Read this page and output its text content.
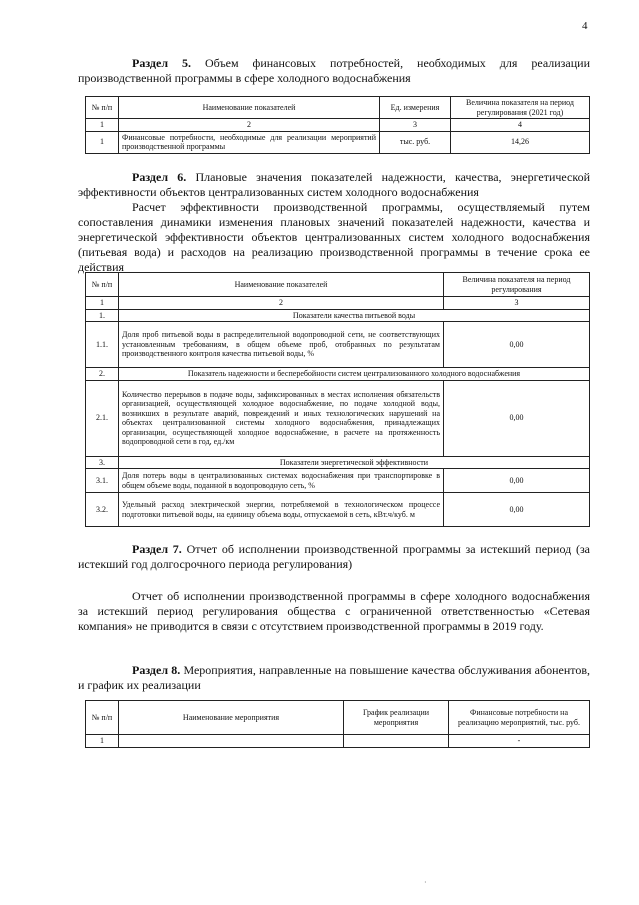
4
Раздел 5. Объем финансовых потребностей, необходимых для реализации производственной программы в сфере холодного водоснабжения
№ п/п	Наименование показателей	Ед. измерения	Величина показателя на период регулирования (2021 год)
1	2	3	4
1	Финансовые потребности, необходимые для реализации мероприятий производственной программы	тыс. руб.	14,26
Раздел 6. Плановые значения показателей надежности, качества, энергетической эффективности объектов централизованных систем холодного водоснабжения
Расчет эффективности производственной программы, осуществляемый путем сопоставления динамики изменения плановых значений показателей надежности, качества и энергетической эффективности объектов централизованных систем холодного водоснабжения (питьевая вода) и расходов на реализацию производственной программы в течение срока ее действия
№ п/п	Наименование показателей	Величина показателя на период регулирования
1	2	3
1.	Показатели качества питьевой воды	
1.1.	Доля проб питьевой воды в распределительной водопроводной сети, не соответствующих установленным требованиям, в общем объеме проб, отобранных по результатам производственного контроля качества питьевой воды, %	0,00
2.	Показатель надежности и бесперебойности систем централизованного холодного водоснабжения	
2.1.	Количество перерывов в подаче воды, зафиксированных в местах исполнения обязательств организацией, осуществляющей холодное водоснабжение, по подаче холодной воды, возникших в результате аварий, повреждений и иных технологических нарушений на объектах централизованной системы холодного водоснабжения, принадлежащих организации, осуществляющей холодное водоснабжение, в расчете на протяженность водопроводной сети в год, ед./км	0,00
3.	Показатели энергетической эффективности	
3.1.	Доля потерь воды в централизованных системах водоснабжения при транспортировке в общем объеме воды, поданной в водопроводную сеть, %	0,00
3.2.	Удельный расход электрической энергии, потребляемой в технологическом процессе подготовки питьевой воды, на единицу объема воды, отпускаемой в сеть, кВт.ч/куб. м	0,00
Раздел 7. Отчет об исполнении производственной программы за истекший период (за истекший год долгосрочного периода регулирования)
Отчет об исполнении производственной программы в сфере холодного водоснабжения за истекший период регулирования общества с ограниченной ответственностью «Сетевая компания» не приводится в связи с отсутствием производственной программы в 2019 году.
Раздел 8. Мероприятия, направленные на повышение качества обслуживания абонентов, и график их реализации
№ п/п	Наименование мероприятия	График реализации мероприятия	Финансовые потребности на реализацию мероприятий, тыс. руб.
1			-
·
